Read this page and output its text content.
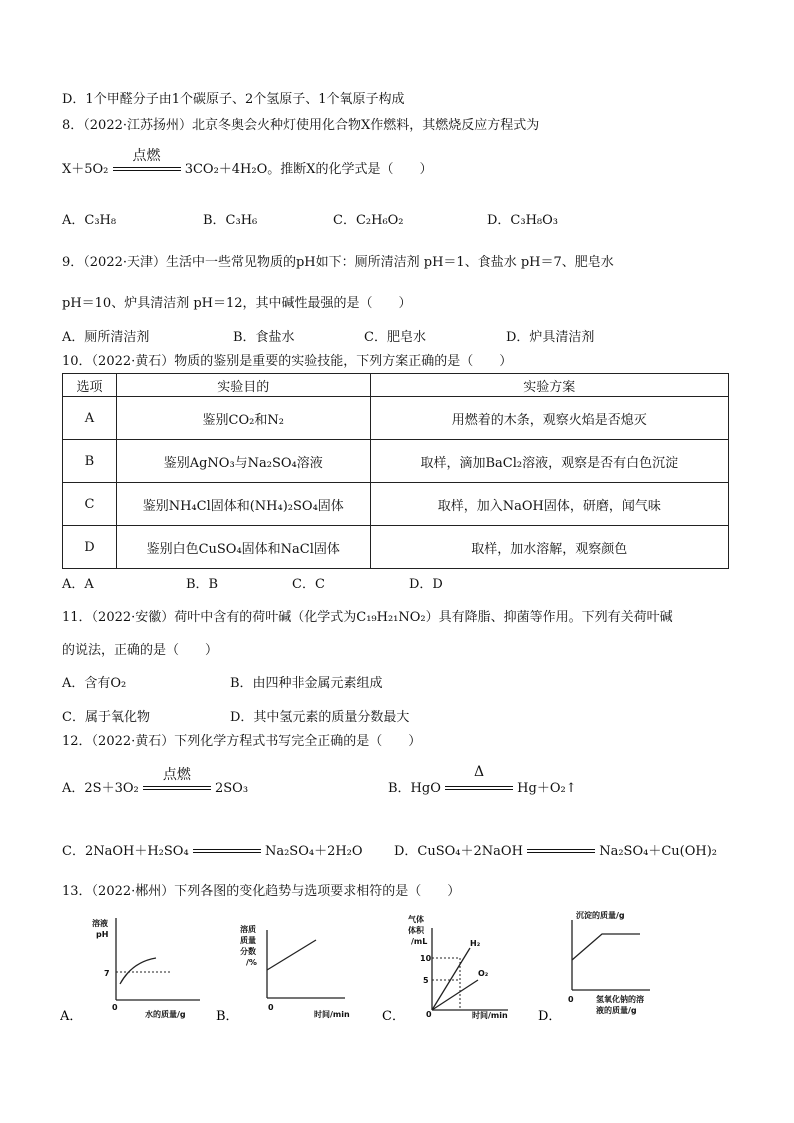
D．1个甲醛分子由1个碳原子、2个氢原子、1个氧原子构成
8．（2022·江苏扬州）北京冬奥会火种灯使用化合物X作燃料，其燃烧反应方程式为
X＋5O₂
点燃
3CO₂＋4H₂O。推断X的化学式是（　　）
A．C₃H₈	B．C₃H₆	C．C₂H₆O₂	D．C₃H₈O₃
9．（2022·天津）生活中一些常见物质的pH如下：厕所清洁剂 pH＝1、食盐水 pH＝7、肥皂水
pH＝10、炉具清洁剂 pH＝12，其中碱性最强的是（　　）
A．厕所清洁剂	B．食盐水	C．肥皂水	D．炉具清洁剂
10．（2022·黄石）物质的鉴别是重要的实验技能，下列方案正确的是（　　）
选项	实验目的	实验方案
A	鉴别CO₂和N₂	用燃着的木条，观察火焰是否熄灭
B	鉴别AgNO₃与Na₂SO₄溶液	取样，滴加BaCl₂溶液，观察是否有白色沉淀
C	鉴别NH₄Cl固体和(NH₄)₂SO₄固体	取样，加入NaOH固体，研磨，闻气味
D	鉴别白色CuSO₄固体和NaCl固体	取样，加水溶解，观察颜色
A．A	B．B	C．C	D．D
11．（2022·安徽）荷叶中含有的荷叶碱（化学式为C₁₉H₂₁NO₂）具有降脂、抑菌等作用。下列有关荷叶碱
的说法，正确的是（　　）
A．含有O₂	B．由四种非金属元素组成
C．属于氧化物	D．其中氢元素的质量分数最大
12．（2022·黄石）下列化学方程式书写完全正确的是（　　）
A．2S＋3O₂
点燃
2SO₃	B．HgO
Δ
Hg＋O₂↑
C．2NaOH＋H₂SO₄	Na₂SO₄＋2H₂O D．CuSO₄＋2NaOH	Na₂SO₄＋Cu(OH)₂
13．（2022·郴州）下列各图的变化趋势与选项要求相符的是（　　）
A．
溶液
pH
7
0
水的质量/g B．
溶质
质量
分数
/%
0
时间/min C．
气体
体积
/mL
10
5
0	时间/min
H₂
O₂
D．
沉淀的质量/g
0	氢氧化钠的溶
液的质量/g
